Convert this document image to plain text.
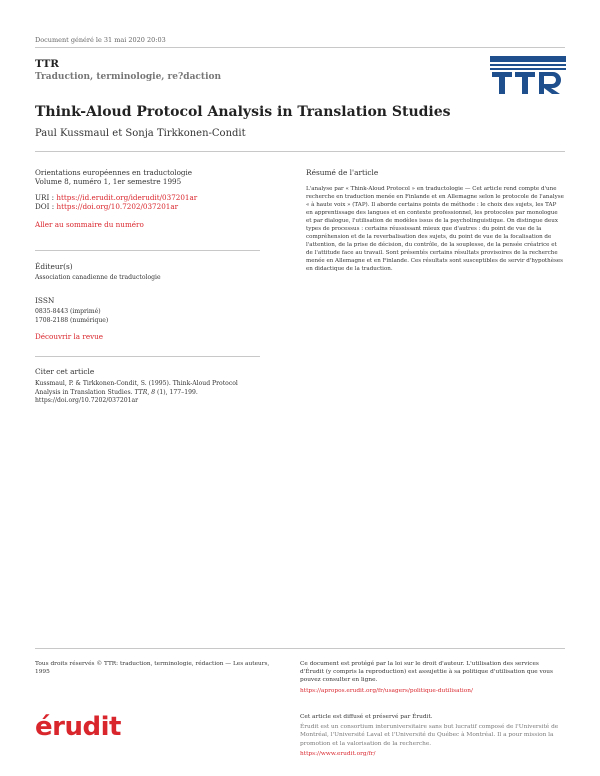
Document généré le 31 mai 2020 20:03
TTR
Traduction, terminologie, re?daction
Think-Aloud Protocol Analysis in Translation Studies
Paul Kussmaul et Sonja Tirkkonen-Condit
Orientations européennes en traductologie
Volume 8, numéro 1, 1er semestre 1995
URI : https://id.erudit.org/iderudit/037201ar
DOI : https://doi.org/10.7202/037201ar
Aller au sommaire du numéro
Éditeur(s)
Association canadienne de traductologie
ISSN
0835-8443 (imprimé)
1708-2188 (numérique)
Découvrir la revue
Citer cet article
Kussmaul, P. & Tirkkonen-Condit, S. (1995). Think-Aloud Protocol Analysis in Translation Studies. TTR, 8 (1), 177–199. https://doi.org/10.7202/037201ar
Résumé de l'article
L'analyse par « Think-Aloud Protocol » en traductologie — Cet article rend compte d'une recherche en traduction menée en Finlande et en Allemagne selon le protocole de l'analyse « à haute voix » (TAP). Il aborde certains points de méthode : le choix des sujets, les TAP en apprentissage des langues et en contexte professionnel, les protocoles par monologue et par dialogue, l'utilisation de modèles issus de la psycholinguistique. On distingue deux types de processus : certains réussissant mieux que d'autres : du point de vue de la compréhension et de la reverbalisation des sujets, du point de vue de la focalisation de l'attention, de la prise de décision, du contrôle, de la souplesse, de la pensée créatrice et de l'attitude face au travail. Sont présentés certains résultats provisoires de la recherche menée en Allemagne et en Finlande. Ces résultats sont susceptibles de servir d'hypothèses en didactique de la traduction.
Tous droits réservés © TTR: traduction, terminologie, rédaction — Les auteurs, 1995
Ce document est protégé par la loi sur le droit d'auteur. L'utilisation des services d'Érudit (y compris la reproduction) est assujettie à sa politique d'utilisation que vous pouvez consulter en ligne.
https://apropos.erudit.org/fr/usagers/politique-dutilisation/
érudit	Cet article est diffusé et préservé par Érudit.
Érudit est un consortium interuniversitaire sans but lucratif composé de l'Université de Montréal, l'Université Laval et l'Université du Québec à Montréal. Il a pour mission la promotion et la valorisation de la recherche.
https://www.erudit.org/fr/
